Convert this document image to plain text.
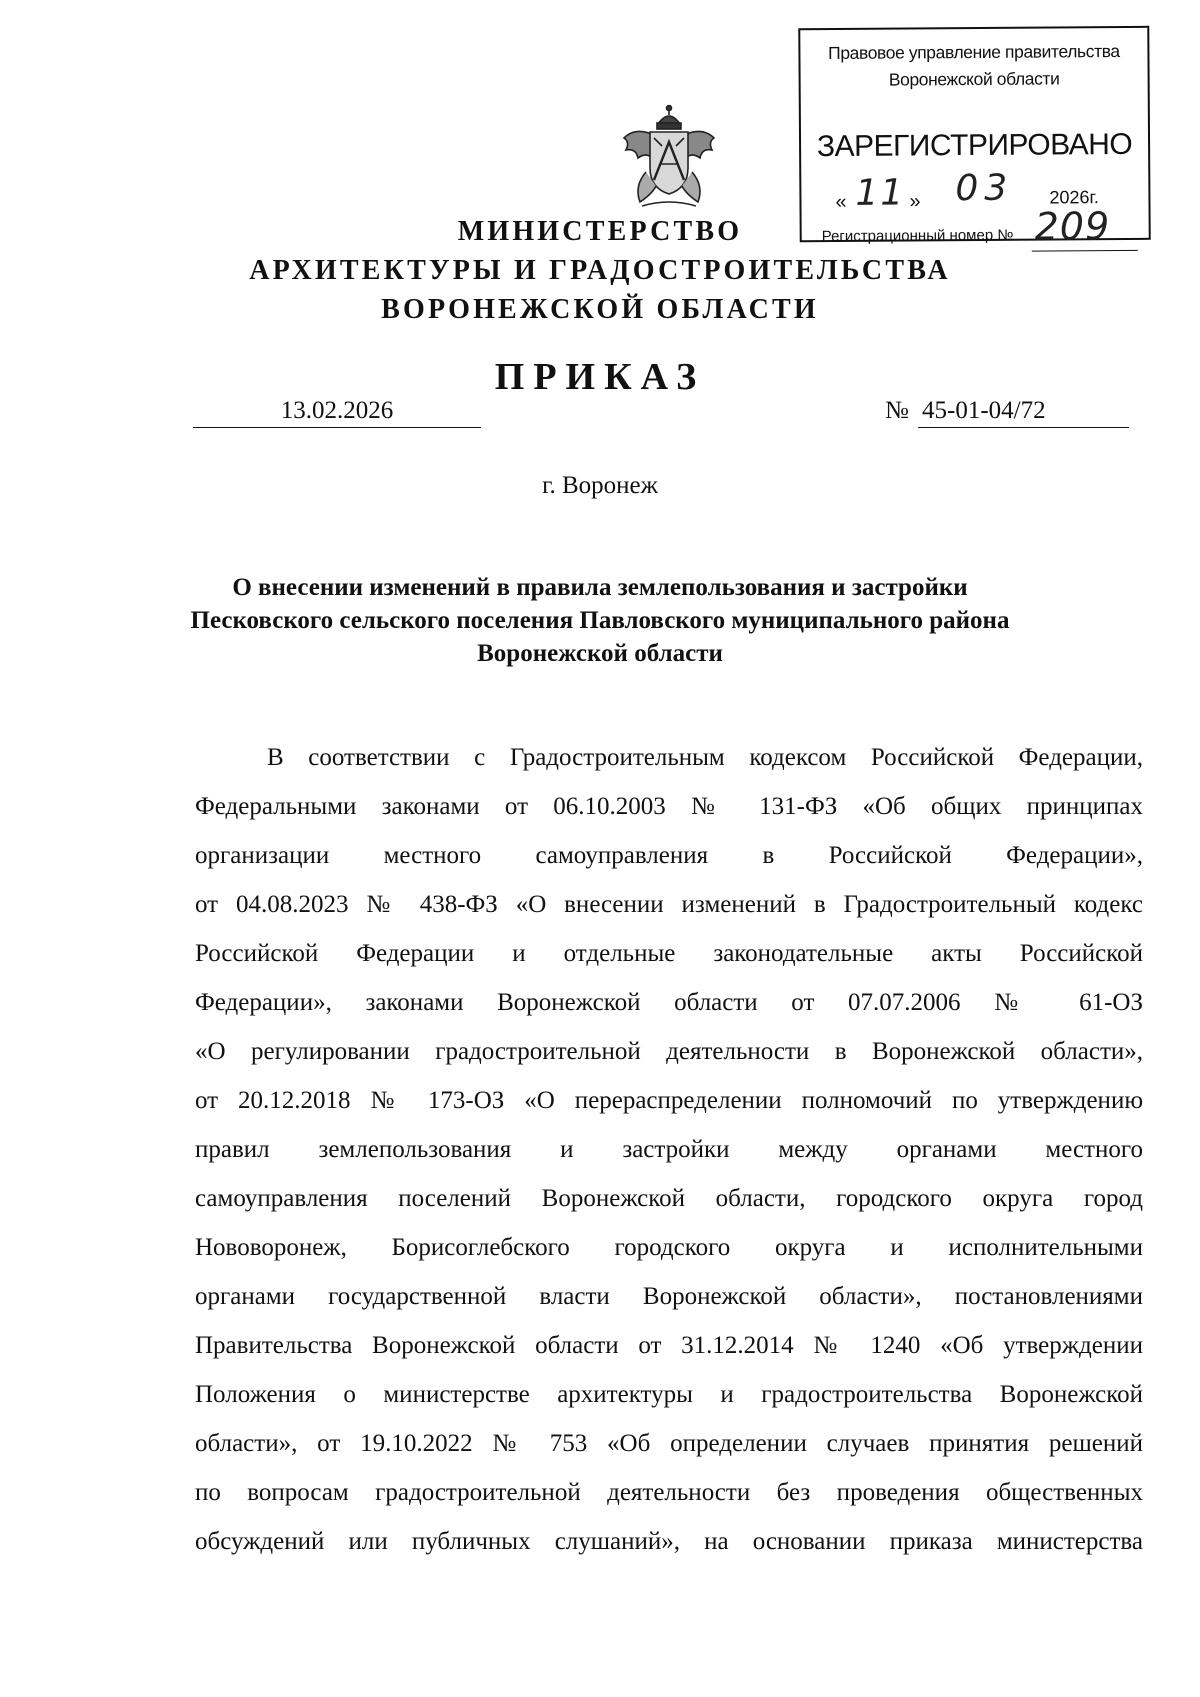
Правовое управление правительства
Воронежской области
ЗАРЕГИСТРИРОВАНО
« 11 » 03 2026г.
Регистрационный номер № 209
МИНИСТЕРСТВО
АРХИТЕКТУРЫ И ГРАДОСТРОИТЕЛЬСТВА
ВОРОНЕЖСКОЙ ОБЛАСТИ
ПРИКАЗ
13.02.2026	№ 45-01-04/72
г. Воронеж
О внесении изменений в правила землепользования и застройки
Песковского сельского поселения Павловского муниципального района
Воронежской области
В соответствии с Градостроительным кодексом Российской Федерации,
Федеральными законами от 06.10.2003 № 131-ФЗ «Об общих принципах
организации местного самоуправления в Российской Федерации»,
от 04.08.2023 № 438-ФЗ «О внесении изменений в Градостроительный кодекс
Российской Федерации и отдельные законодательные акты Российской
Федерации», законами Воронежской области от 07.07.2006 № 61-ОЗ
«О регулировании градостроительной деятельности в Воронежской области»,
от 20.12.2018 № 173-ОЗ «О перераспределении полномочий по утверждению
правил землепользования и застройки между органами местного
самоуправления поселений Воронежской области, городского округа город
Нововоронеж, Борисоглебского городского округа и исполнительными
органами государственной власти Воронежской области», постановлениями
Правительства Воронежской области от 31.12.2014 № 1240 «Об утверждении
Положения о министерстве архитектуры и градостроительства Воронежской
области», от 19.10.2022 № 753 «Об определении случаев принятия решений
по вопросам градостроительной деятельности без проведения общественных
обсуждений или публичных слушаний», на основании приказа министерства
